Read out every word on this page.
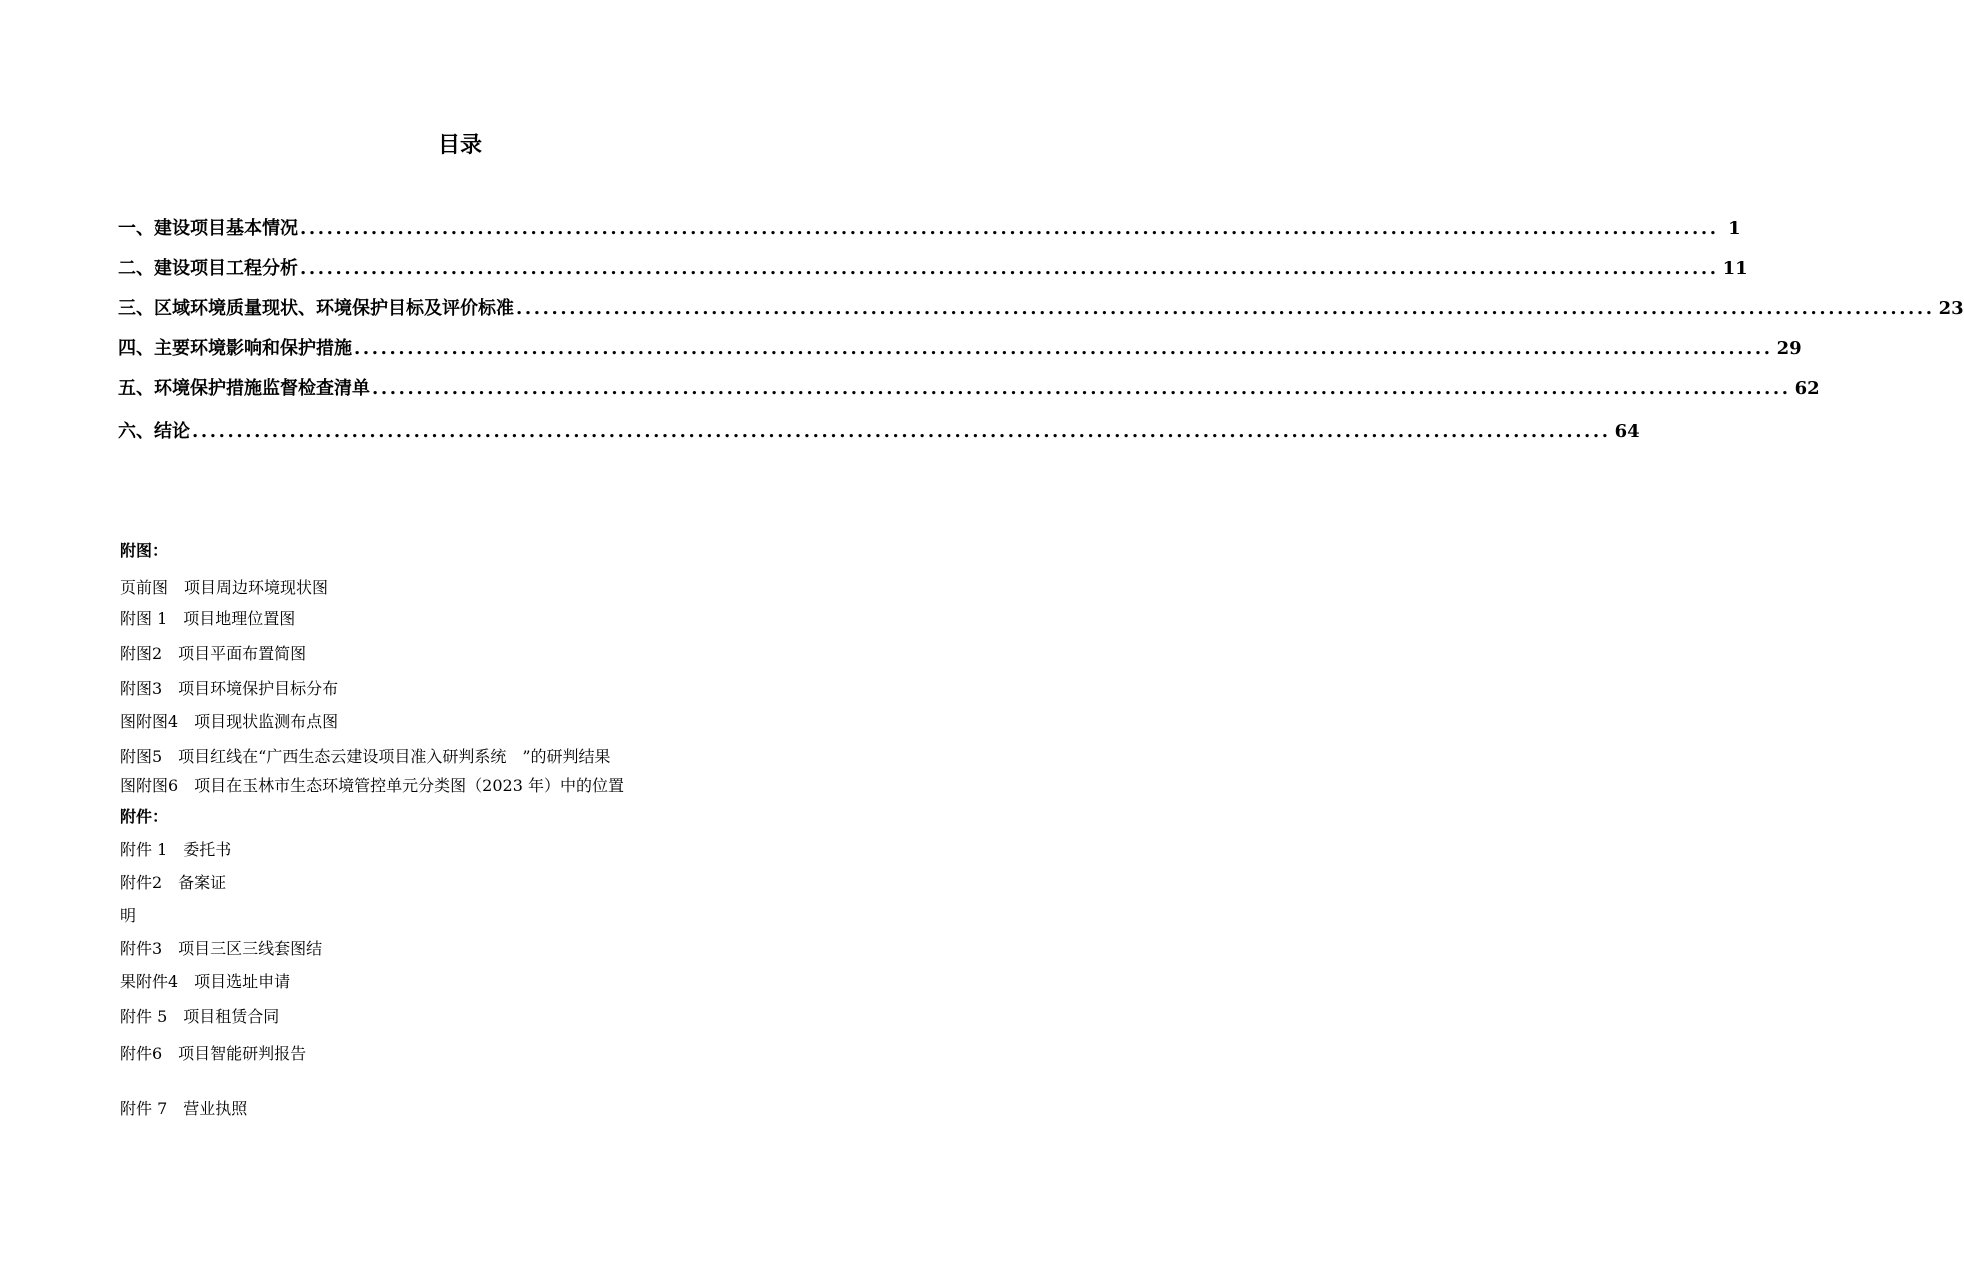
目录
一、建设项目基本情况 ................................................................................................................................................................ 1
二、建设项目工程分析 ................................................................................................................................................................ 11
三、区域环境质量现状、环境保护目标及评价标准 ................................................................................................................................................................ 23
四、主要环境影响和保护措施 ................................................................................................................................................................ 29
五、环境保护措施监督检查清单 ................................................................................................................................................................ 62
六、结论 ................................................................................................................................................................ 64
附图：
页前图　项目周边环境现状图
附图 1　项目地理位置图
附图2　项目平面布置简图
附图3　项目环境保护目标分布
图附图4　项目现状监测布点图
附图5　项目红线在“广西生态云建设项目准入研判系统　”的研判结果
图附图6　项目在玉林市生态环境管控单元分类图（2023 年）中的位置
附件：
附件 1　委托书
附件2　备案证
明
附件3　项目三区三线套图结
果附件4　项目选址申请
附件 5　项目租赁合同
附件6　项目智能研判报告
附件 7　营业执照
